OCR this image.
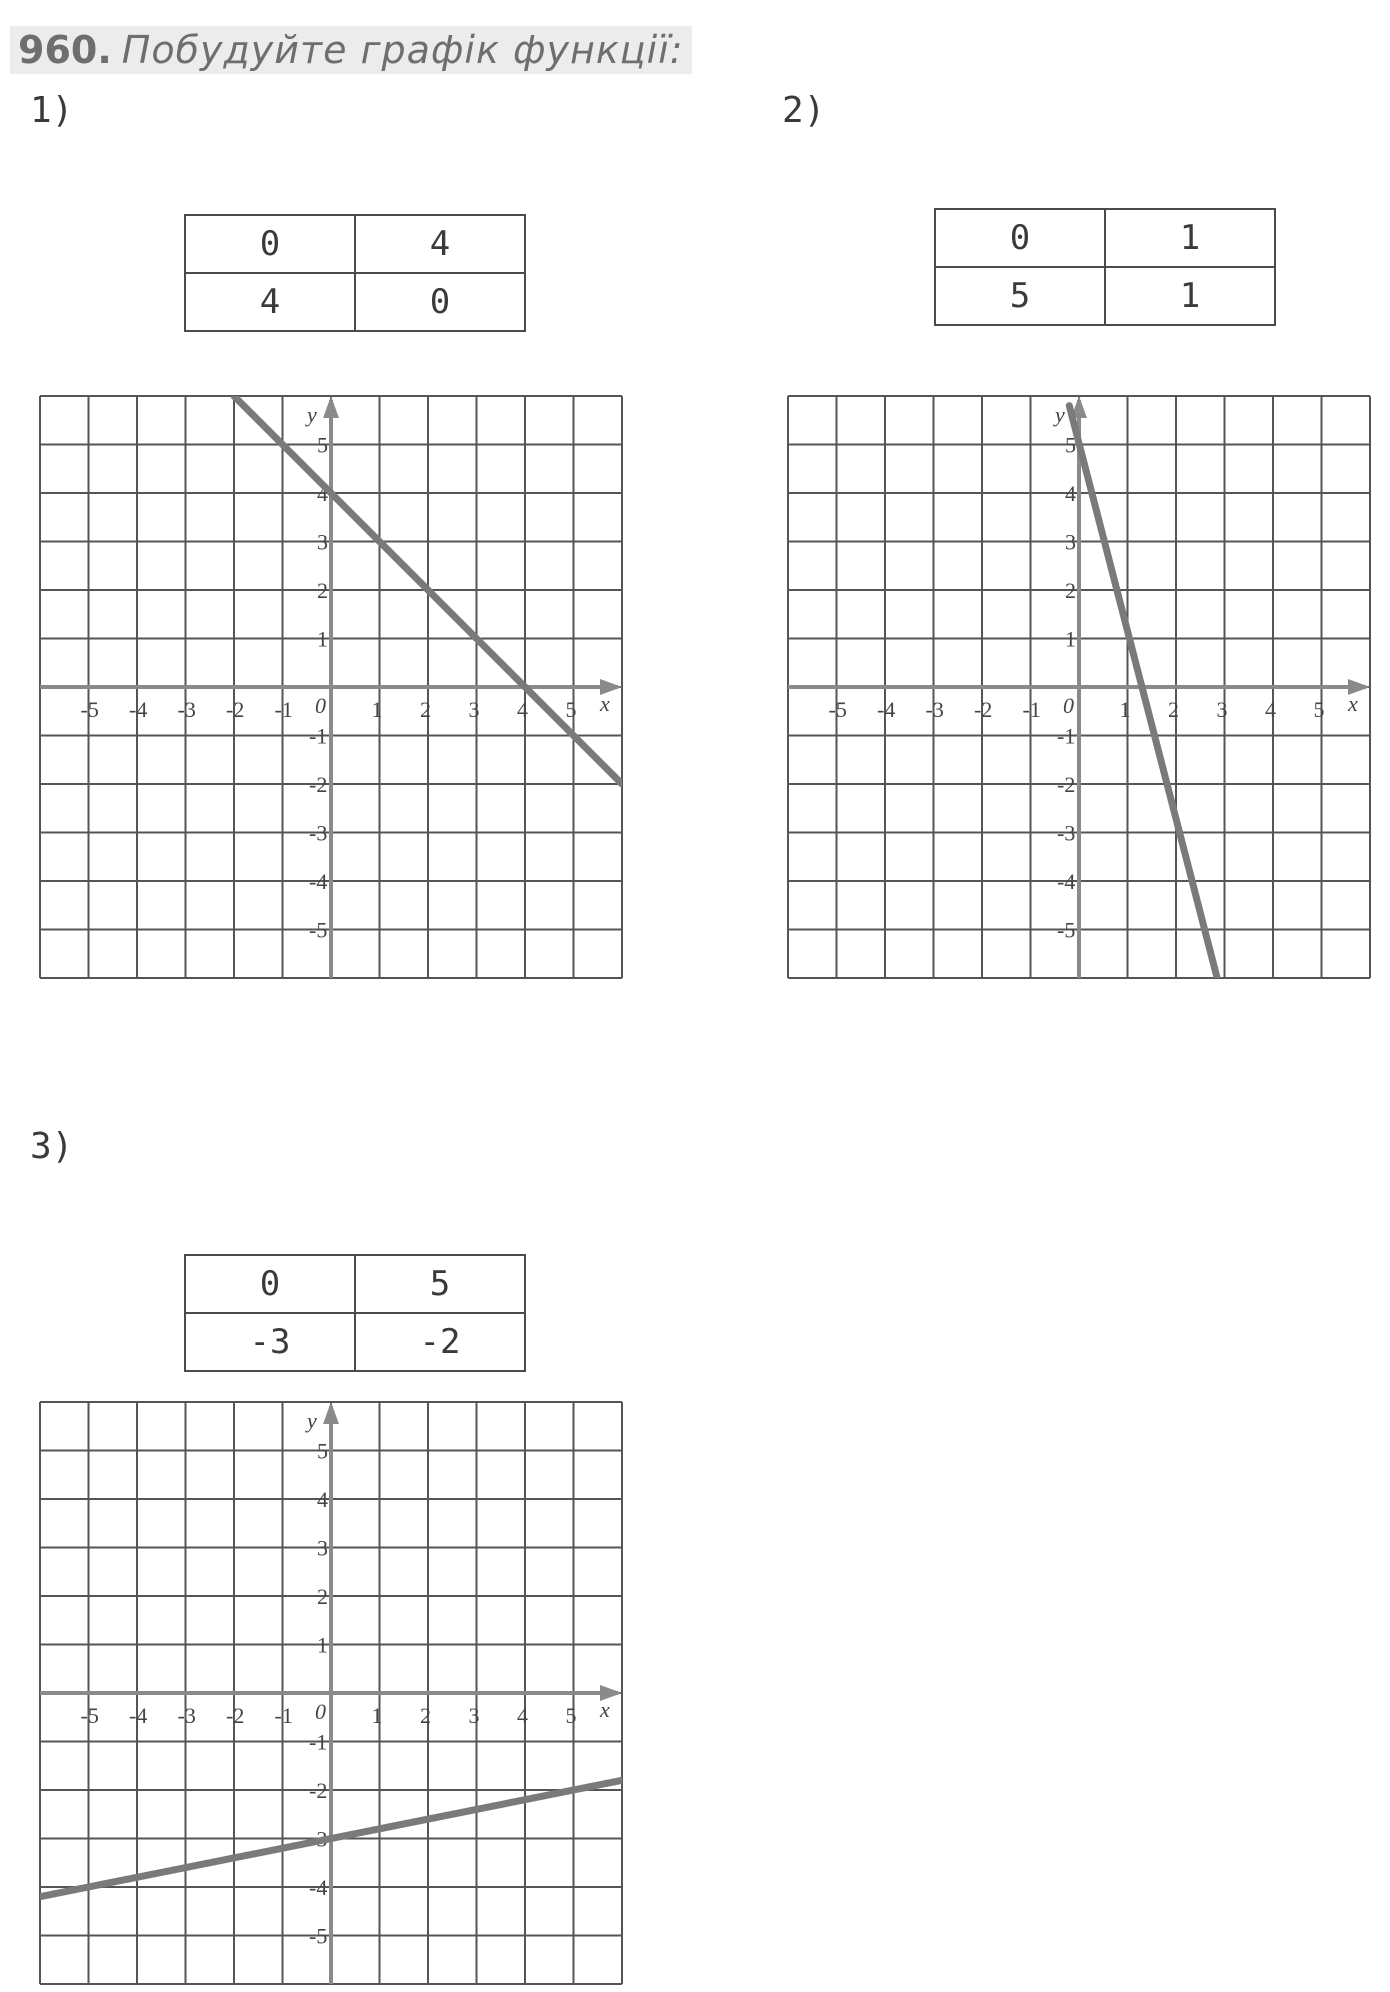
960 . Побудуйте графік функції:
1)	2)
3)
0	4
4	0
0	1
5	1
0	5
-3	-2
-5 -4 -3 -2 -1	1 2 3 4 5
5
4
3
2
1
-1
-2
-3
-4
-5
0	x
y
-5 -4 -3 -2 -1	1 2 3 4 5
5
4
3
2
1
-1
-2
-3
-4
-5
0	x
y
-5 -4 -3 -2 -1	1 2 3 4 5
5
4
3
2
1
-1
-2
-3
-4
-5
0	x
y
